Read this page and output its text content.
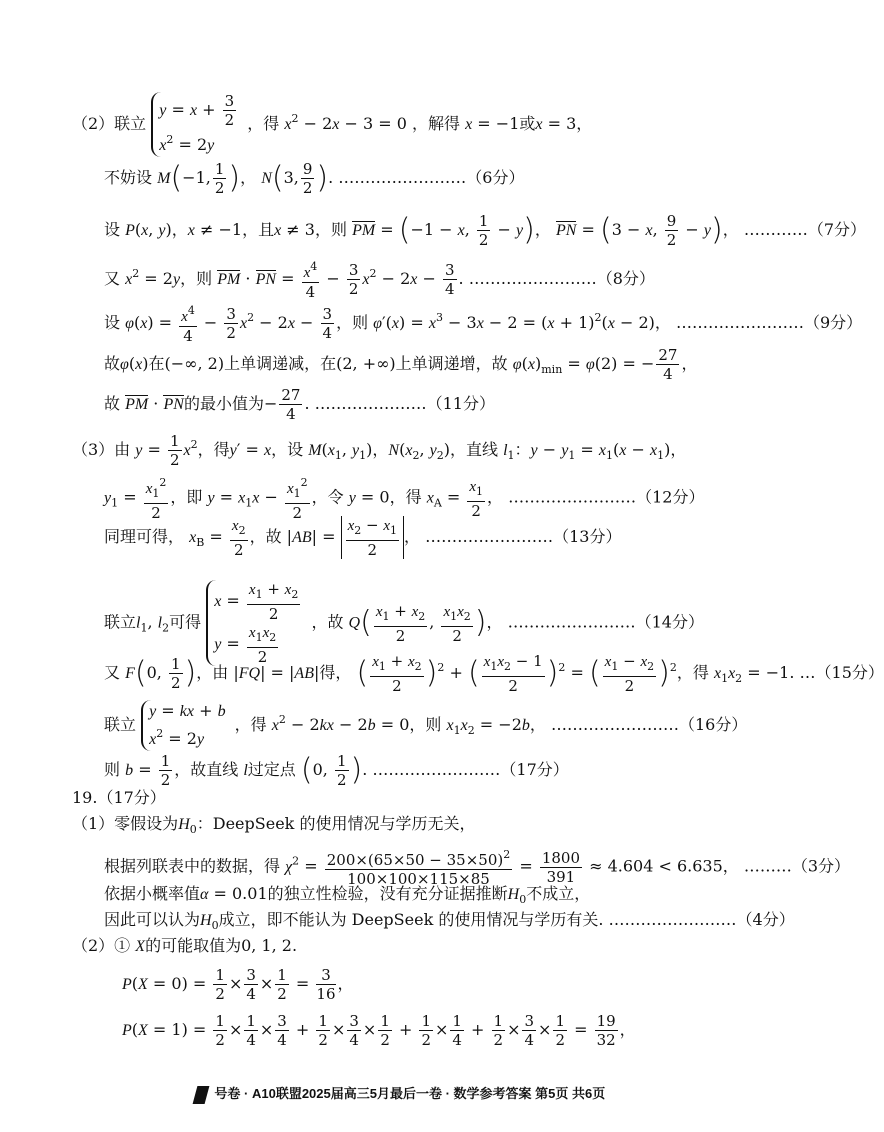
（2）联立
$y = x + \frac{3}{2}$
$x^2 = 2y$
，得 $x^2 - 2x - 3 = 0$ ，解得 x = −1或x = 3，
不妨设 M(−1, $\frac{1}{2}$ )， N(3, $\frac{9}{2}$ ). ……………………（6分）
设 P(x, y)，x ≠ −1，且x ≠ 3，则 PM = (−1 − x, $\frac{1}{2} - y$)， PN = (3 − x, $\frac{9}{2} - y$)， …………（7分）
又 $x^2 = 2y$，则 PM · PN = $\frac{x^4}{4} - \frac{3}{2} x^2 - 2x - \frac{3}{4}$ . ……………………（8分）
设 $\varphi(x) = \frac{x^4}{4} - \frac{3}{2} x^2 - 2x - \frac{3}{4}$ ，则 $\varphi'(x) = x^3 - 3x - 2 = (x + 1)^2(x - 2)$， ……………………（9分）
故φ(x)在(−∞, 2)上单调递减，在(2, +∞)上单调递增，故 $\varphi(x)_{min} = \varphi(2)$ = − $\frac{27}{4}$ ，
故 PM · PN的最小值为− $\frac{27}{4}$ . …………………（11分）
（3）由 $y = \frac{1}{2} x^2$，得y′ = x，设 $M(x_1$, $y_1$)，$N(x_2$, $y_2$)，直线 $l_1$：$y - y_1 = x_1(x - x_1)$，
$y_1 = \frac{x_1^2}{2}$ ，即 $y = x_1x - \frac{x_1^2}{2}$ ，令 y = 0，得 $x_A = \frac{x_1}{2}$ ， ……………………（12分）
同理可得， $x_B = \frac{x_2}{2}$ ，故 $|AB| = \frac{x_2 - x_1}{2}$ ， ……………………（13分）
联立$l_1$, $l_2$可得
$x = \frac{x_1 + x_2}{2}$
$y = \frac{x_1x_2}{2}$
，故 $Q( \frac{x_1 + x_2}{2}$ , $\frac{x_1x_2}{2}$ )， ……………………（14分）
又 F(0, $\frac{1}{2}$ )，由 |FQ| = |AB|得， ( $\frac{x_1 + x_2}{2} )^2$ + ( $\frac{x_1x_2 - 1}{2} )^2$ = ( $\frac{x_1 - x_2}{2} )^2$，得 $x_1x_2 = -1$. …（15分）
联立
y = kx + b
$x^2 = 2y$
，得 $x^2 - 2kx - 2b = 0$，则 $x_1x_2 = -2b$， ……………………（16分）
则 $b = \frac{1}{2}$ ，故直线 l过定点 (0, $\frac{1}{2}$ ). ……………………（17分）
19.（17分）
（1）零假设为$H_0$：DeepSeek 的使用情况与学历无关，
根据列联表中的数据，得 $\chi^2 = \frac{200\times(65\times 50 - 35\times 50)^2}{100\times 100\times 115\times 85} = \frac{1800}{391} \approx 4.604 < 6.635$， ………（3分）
依据小概率值α = 0.01的独立性检验，没有充分证据推断$H_0$不成立，
因此可以认为$H_0$成立，即不能认为 DeepSeek 的使用情况与学历有关. ……………………（4分）
（2）① X的可能取值为0, 1, 2.
$P(X = 0) = \frac{1}{2} \times \frac{3}{4} \times \frac{1}{2} = \frac{3}{16}$ ，
$P(X = 1) = \frac{1}{2} \times \frac{1}{4} \times \frac{3}{4} + \frac{1}{2} \times \frac{3}{4} \times \frac{1}{2} + \frac{1}{2} \times \frac{1}{4} + \frac{1}{2} \times \frac{3}{4} \times \frac{1}{2} = \frac{19}{32}$ ，
号卷 · A10联盟2025届高三5月最后一卷 · 数学参考答案 第5页 共6页
